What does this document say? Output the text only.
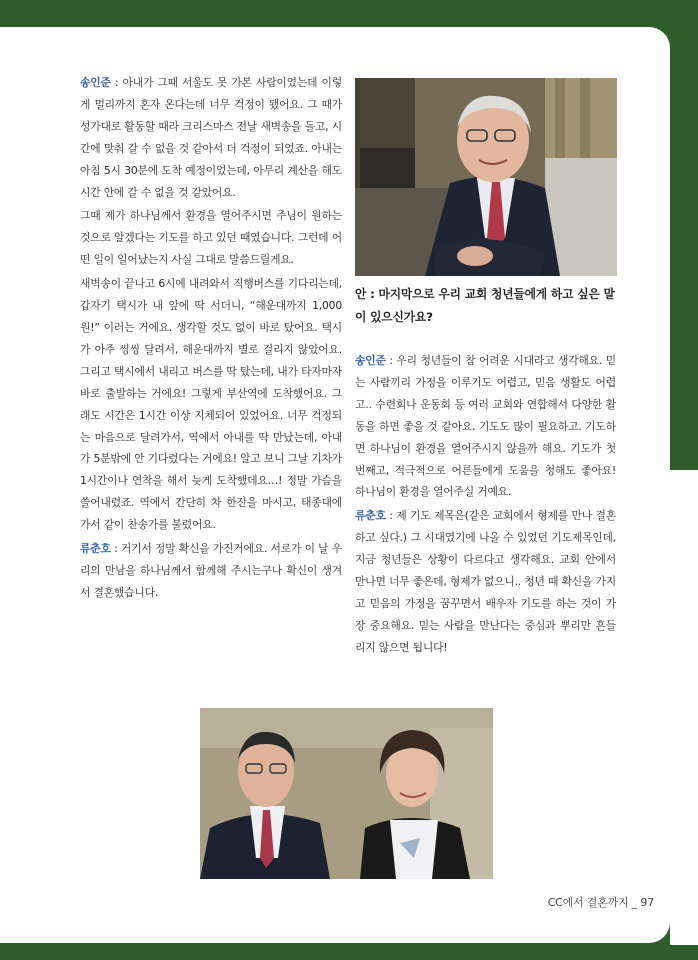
송인준 : 아내가 그때 서울도 못 가본 사람이었는데 이렇게 멀리까지 혼자 온다는데 너무 걱정이 됐어요. 그 때가 성가대로 활동할 때라 크리스마스 전날 새벽송을 돌고, 시간에 맞춰 갈 수 없을 것 같아서 더 걱정이 되었죠. 아내는 아침 5시 30분에 도착 예정이었는데, 아무리 계산을 해도 시간 안에 갈 수 없을 것 같았어요.

그때 제가 하나님께서 환경을 열어주시면 주님이 원하는 것으로 알겠다는 기도를 하고 있던 때였습니다. 그런데 어떤 일이 일어났는지 사실 그대로 말씀드릴게요.

새벽송이 끝나고 6시에 내려와서 직행버스를 기다리는데, 갑자기 택시가 내 앞에 딱 서더니, “해운대까지 1,000원!” 이러는 거에요. 생각할 것도 없이 바로 탔어요. 택시가 아주 씽씽 달려서, 해운대까지 별로 걸리지 않았어요. 그리고 택시에서 내리고 버스를 딱 탔는데, 내가 타자마자 바로 출발하는 거에요! 그렇게 부산역에 도착했어요. 그래도 시간은 1시간 이상 지체되어 있었어요. 너무 걱정되는 마음으로 달려가서, 역에서 아내를 딱 만났는데, 아내가 5분밖에 안 기다렸다는 거에요! 알고 보니 그날 기차가 1시간이나 연착을 해서 늦게 도착했데요…! 정말 가슴을 쓸어내렸죠. 역에서 간단히 차 한잔을 마시고, 태종대에 가서 같이 찬송가를 불렀어요.

류춘호 : 거기서 정말 확신을 가진거에요. 서로가 이 날 우리의 만남을 하나님께서 함께해 주시는구나 확신이 생겨서 결혼했습니다.

안 : 마지막으로 우리 교회 청년들에게 하고 싶은 말이 있으신가요?

송인준 : 우리 청년들이 참 어려운 시대라고 생각해요. 믿는 사람끼리 가정을 이루기도 어렵고, 믿음 생활도 어렵고.. 수련회나 운동회 등 여러 교회와 연합해서 다양한 활동을 하면 좋을 것 같아요. 기도도 많이 필요하고. 기도하면 하나님이 환경을 열어주시지 않을까 해요. 기도가 첫 번째고, 적극적으로 어른들에게 도움을 청해도 좋아요! 하나님이 환경을 열어주실 거예요.

류춘호 : 제 기도 제목은(같은 교회에서 형제를 만나 결혼하고 싶다.) 그 시대였기에 나올 수 있었던 기도제목인데, 지금 청년들은 상황이 다르다고 생각해요. 교회 안에서 만나면 너무 좋은데, 형제가 없으니.. 청년 때 확신을 가지고 믿음의 가정을 꿈꾸면서 배우자 기도를 하는 것이 가장 중요해요. 믿는 사람을 만난다는 중심과 뿌리만 흔들리지 않으면 됩니다!

CC에서 결혼까지 _ 97
